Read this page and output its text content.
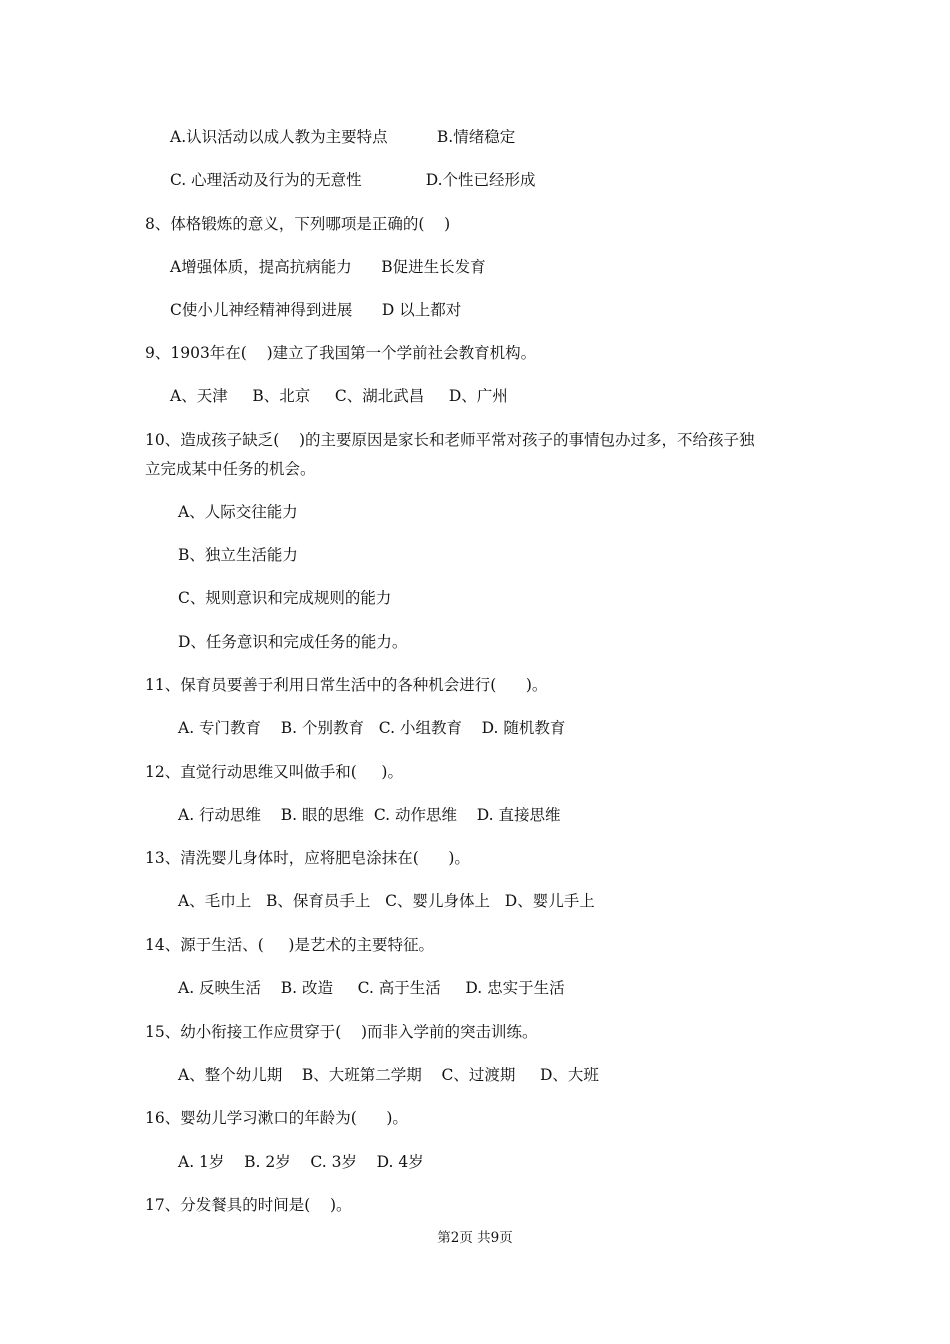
A.认识活动以成人教为主要特点          B.情绪稳定
C. 心理活动及行为的无意性             D.个性已经形成
8、体格锻炼的意义，下列哪项是正确的(    )
A增强体质，提高抗病能力      B促进生长发育
C使小儿神经精神得到进展      D 以上都对
9、1903年在(    )建立了我国第一个学前社会教育机构。
A、天津     B、北京     C、湖北武昌     D、广州
10、造成孩子缺乏(    )的主要原因是家长和老师平常对孩子的事情包办过多，不给孩子独
立完成某中任务的机会。
A、人际交往能力
B、独立生活能力
C、规则意识和完成规则的能力
D、任务意识和完成任务的能力。
11、保育员要善于利用日常生活中的各种机会进行(      )。
A. 专门教育    B. 个别教育   C. 小组教育    D. 随机教育
12、直觉行动思维又叫做手和(     )。
A. 行动思维    B. 眼的思维  C. 动作思维    D. 直接思维
13、清洗婴儿身体时，应将肥皂涂抹在(      )。
A、毛巾上   B、保育员手上   C、婴儿身体上   D、婴儿手上
14、源于生活、(     )是艺术的主要特征。
A. 反映生活    B. 改造     C. 高于生活     D. 忠实于生活
15、幼小衔接工作应贯穿于(    )而非入学前的突击训练。
A、整个幼儿期    B、大班第二学期    C、过渡期     D、大班
16、婴幼儿学习漱口的年龄为(      )。
A. 1岁    B. 2岁    C. 3岁    D. 4岁
17、分发餐具的时间是(    )。
第2页 共9页
